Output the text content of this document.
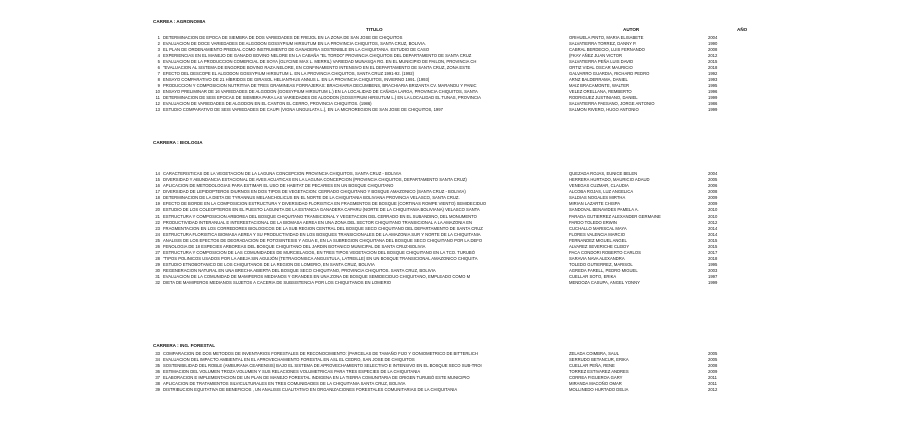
CARREA : AGRONOMIA
TITULO	AUTOR	AÑO
1 DETERMINACION DE EPOCA DE SIEMBRA DE DOS VARIEDADES DE FREJOL EN LA ZONA DE SAN JOSE DE CHIQUITOS	ORIHUELA PINTO, MARIA ELISABETE	2004
2 EVALUACION DE DOCE VARIEDADES DE ALGODON GOSSYPIUM HIRSUTUM EN LA PROVINCIA CHIQUITOS, SANTA CRUZ, BOLIVIA.	SALVATIERRA TORREZ, DANNY P.	1990
3 EL PLAN DE ORDENAMIENTO PREDIAL COMO INSTRUMENTO DE GANADERIA SOSTENIBLE EN LA CHIQUITANIA. ESTUDIO DE CASO	CABRAL BERDECIO, LUIS FERNANDO	2008
4 EXPERIENCIAS EN EL MANEJO DE GANADO BOVINO NELORE EN LA CABAÑA "EL TORDO" PROVINCIA CHIQUITOS DEL DEPARTAMENTO DE SANTA CRUZ	(FKAY AÑEZ JUAN VICTOR	2012
5 EVALUACION DE LA PRODUCCION COMERCIAL DE SOYA (GLYCINE MAX L. MERRIL) VARIEDAD MUNASQA RG. EN EL MUNICIPIO DE PAILON, PROVINCIA CH	SALVATIERRA PEÑA LUIS DAVID	2015
6 "EVALUACION AL SISTEMA DE ENGORDE BOVINO RAZA NELORE, EN CONFINAMIENTO INTENSIVO EN EL DEPARTAMENTO DE SANTA CRUZ, ZONA ESTE	ORTIZ VIDAL OSCAR MAURICIO	2018
7 EFECTO DEL DESCOPE EL ALGODON GOSSYPIUM HIRSUTUM L. EN LA PROVINCIA CHIQUITOS, SANTA CRUZ 1991-92. (1992)	GALVARRO GUARDIA, RICHARD PEDRO	1992
8 ENSAYO COMPARATIVO DE 21 HÍBRIDOS DE GIRASOL HELIANTHUS ANNUS L. EN LA PROVINCIA CHIQUITOS, INVIERNO 1991. (1993)	ARNZ BALDERRAMA, DANIEL	1993
9 PRODUCCION Y COMPOSICION NUTRITIVA DE TRES GRAMINEAS FORRAJERAS: BRACHIARIA DECUMBENS, BRACHIARIA BRIZANTA CV. MARANDU Y PANIC	MAIZ BRACAMONTE, WALTER	1995
10 ENSAYO PRELIMINAR DE 16 VARIEDADES DE ALGODON (GOSSYPIUM HIRSUTUM L.) EN LA LOCALIDAD DE CAÑADA LARGA, PROVINCIA CHIQUITOS, SANTA	VELEZ ORELLANA, REMBERTO	1996
11 DETERMINACION DE SEIS EPOCAS DE SIEMBRA PARA LAS VARIEDADES DE ALGODON (GOSSYPIUM HIRSUTUM L.) EN LA LOCALIDAD EL TUNAS, PROVINCIA	RODRIGUEZ JUSTINIANO, DANIEL	1999
12 EVALUACION DE VARIEDADES DE ALGODON EN EL CANTON EL CERRO, PROVINCIA CHIQUITOS. (1986)	SALVATIERRA PAESANO, JORGE ANTONIO	1986
13 ESTUDIO COMPARATIVO DE SEIS VARIEDADES DE CAUPI (VIGNA UNGUILATA L.), EN LA MICROREGION DE SAN JOSE DE CHIQUITOS, 1997	SALMON RIVERO, HUGO ANTONIO	1999
CARRERA : BIOLOGIA
14 CARACTERISTICAS DE LA VEGETACION DE LA LAGUNA CONCEPCION PROVINCIA CHIQUITOS, SANTA CRUZ - BOLIVIA	QUEZADA ROJAS, EUNICE BELEN	2004
15 DIVERSIDAD Y ABUNDANCIA ESTACIONAL DE AVES ACUATICAS EN LA LAGUNA CONCEPCION (PROVINCIA CHIQUITOS, DEPARTAMENTO SANTA CRUZ)	HERRERA HURTADO, MAURICIO ADAUD	2005
16 APLICACION DE METODOLOGIAS PARA ESTIMAR EL USO DE HABITAT DE PECARIES EN UN BOSQUE CHIQUITANO	VENEGAS CUZMAR, CLAUDIA	2006
17 DIVERSIDAD DE LEPIDOPTEROS DIURNOS EN DOS TIPOS DE VEGETACION: CERRADO CHIQUITANO Y BOSQUE AMAZONICO (SANTA CRUZ - BOLIVIA)	ALCOBA ROJAS, LUZ ANGELICA	2008
18 DETERMINACION DE LA DIETA DE TYRANNUS MELANCHOLICUS EN EL NORTE DE LA CHIQUITANIA BOLIVIANA PROVINCIA VELASCO, SANTA CRUZ.	SALDIAS NOGALES MIRTHA	2009
19 EFECTO DE BORDE EN LA COMPOSICION ESTRUCTURA Y DIVERSIDAD FLORISTICA EN FRAGMENTOS DE BOSQUE (CORTINAS ROMPE VIENTO) SEMIDECIDUO	MIRIAN LAZARTE CHISPA	2009
20 ESTUDIO DE LOS COLEOPTEROS EN EL PUESTO LAGUNITA DE LA ESTANCIA GANADERA CAPARU (NORTE DE LA CHIQUITANIA BOLIVIANA) VELASCO SANTA	SANDOVAL BENAVIDES PAMELA A.	2010
21 ESTRUCTURA Y COMPOSICION ARBOREA DEL BOSQUE CHIQUITANO TRANSICIONAL Y VEGETACION DEL CERRADO EN EL SUBANDINO, DEL MONUMENTO	PARADA GUTIERREZ ALEXANDER GERMAINE	2010
22 PRODUCTIVIDAD INTERANUAL E INTERESTACIONAL DE LA BIOMASA AEREA EN UNA ZONA DEL SECTOR CHIQUITANO TRANSICIONAL A LA AMAZONIA EN	PARDO TOLEDO ERWIN	2012
23 FRAGMENTACION EN LOS CORREDORES BIOLOGICOS DE LA SUB REGION CENTRAL DEL BOSQUE SECO CHIQUITANO DEL DEPARTAMENTO DE SANTA CRUZ	CUCHALLO MARISCAL MAYA	2014
24 ESTRUCTURA FLORISTICA BIOMASA AEREA Y SU PRODUCTIVIDAD EN LOS BOSQUES TRANSICIONALES DE LA AMAZONIA SUR Y NORTE DE LA CHIQUITANIA	FLORES VALENCIA MARCIO	2014
25 ANALISIS DE LOS EFECTOS DE DEGRADACION DE FOTOSINTESIS Y AGUA E, EN LA SUBREGION CHIQUITANA DEL BOSQUE SECO CHIQUITANO POR LA DEFO	FERNANDEZ MIGUEL ANGEL	2015
26 FENOLOGIA DE 18 ESPECIES ARBOREAS DEL BOSQUE CHIQUITANO DEL JARDIN BOTANICO MUNICIPAL DE SANTA CRUZ-BOLIVIA	ALVAREZ SEVERICHE CLEIDY	2015
27 ESTRUCTURA Y COMPOSICION DE LAS COMUNIDADES DE MURCIELAGOS, EN TRES TIPOS VEGETACION DEL BOSQUE CHIQUITANO EN LA TCO. TURUBÓ	PACA CONDORI ROBERTO CARLOS	2017
28 "TIPOS POLINICOS USADOS POR LA ABEJA SIN AGUIJÓN (TETRAGONISCA ANGUSTULA, LATREILLE) EN UN BOSQUE TRANSICIONAL AMAZONICO CHIQUITA	SARAVIA NAVA ALEXANDRA	2018
29 ESTUDIO ETNOBOTANICO DE LOS CHIQUITANOS DE LA REGION DE LOMERIO, EN SANTA CRUZ, BOLIVIA	TOLEDO GUTIERREZ, MARISOL	1995
30 REGENERACION NATURAL EN UNA BRECHA ABIERTA DEL BOSQUE SECO CHIQUITANO, PROVINCIA CHIQUITOS. SANTA CRUZ, BOLIVIA	AGREDA FARELL, PEDRO MIGUEL	2003
31 EVALUACION DE LA COMUNIDAD DE MAMIFEROS MEDIANOS Y GRANDES EN UNA ZONA DE BOSQUE SEMIDECIDUO CHIQUITANO, EMPLEADO COMO M	CUELLAR SOTO, ERIKA	1997
32 DIETA DE MAMIFEROS MEDIANOS SUJETOS A CACERIA DE SUBSISTENCIA POR LOS CHIQUITANOS EN LOMERIO	MENDOZA CASUPA, ANGEL YONNY	1999
CARRERA : ING. FORESTAL
33 COMPARACION DE DOS METODOS DE INVENTARIOS FORESTALES DE RECONOCIMIENTO: (PARCELAS DE TAMAÑO FIJO Y GONIOMETRICO DE BITTERLICH	ZELADA COIMBRA, SAUL	2005
34 EVALUACION DEL IMPACTO AMBIENTAL EN EL APROVECHAMIENTO FORESTAL EN ASL EL CEDRO, SAN JOSE DE CHIQUITOS	SERRUDO BETANCUR, ERIKA	2005
35 SOSTENIBILIDAD DEL ROBLE (AMBURANA CEARENSIS) BAJO EL SISTEMA DE APROVECHAMIENTO SELECTIVO E INTENSIVO EN EL BOSQUE SECO SUB-TROI	CUELLAR PEÑA, RENE	2008
36 ESTIMACION DEL VOLUMEN TROZA VOLUMEN Y SUS RELACIONES VOLUMETRICAS PARA TRES ESPECIES DE LA CHIQUITANIA	TORREZ ESTIVAREZ ANDRES	2009
37 ELABORACION E IMPLEMENTACION DE UN PLAN DE MANEJO FORESTAL INDIGENA EN LA TIERRA COMUNITARIA DE ORIGEN TURUBÓ ESTE MUNICIPIO	CORREA FIGUEROA GARY	2011
38 APLICACION DE TRATAMIENTOS SILVICULTURALES EN TRES COMUNIDADES DE LA CHIQUITANIA SANTA CRUZ, BOLIVIA	MIRANDA MACOÑO OMAR	2011
39 DISTRIBUCION EQUITATIVA DE BENEFICIOS , UN ANALISIS CUALITATIVO EN ORGANIZACIONES FORESTALES COMUNITARIAS DE LA CHIQUITANIA	MOLLINEDO HURTADO DELIA	2012
